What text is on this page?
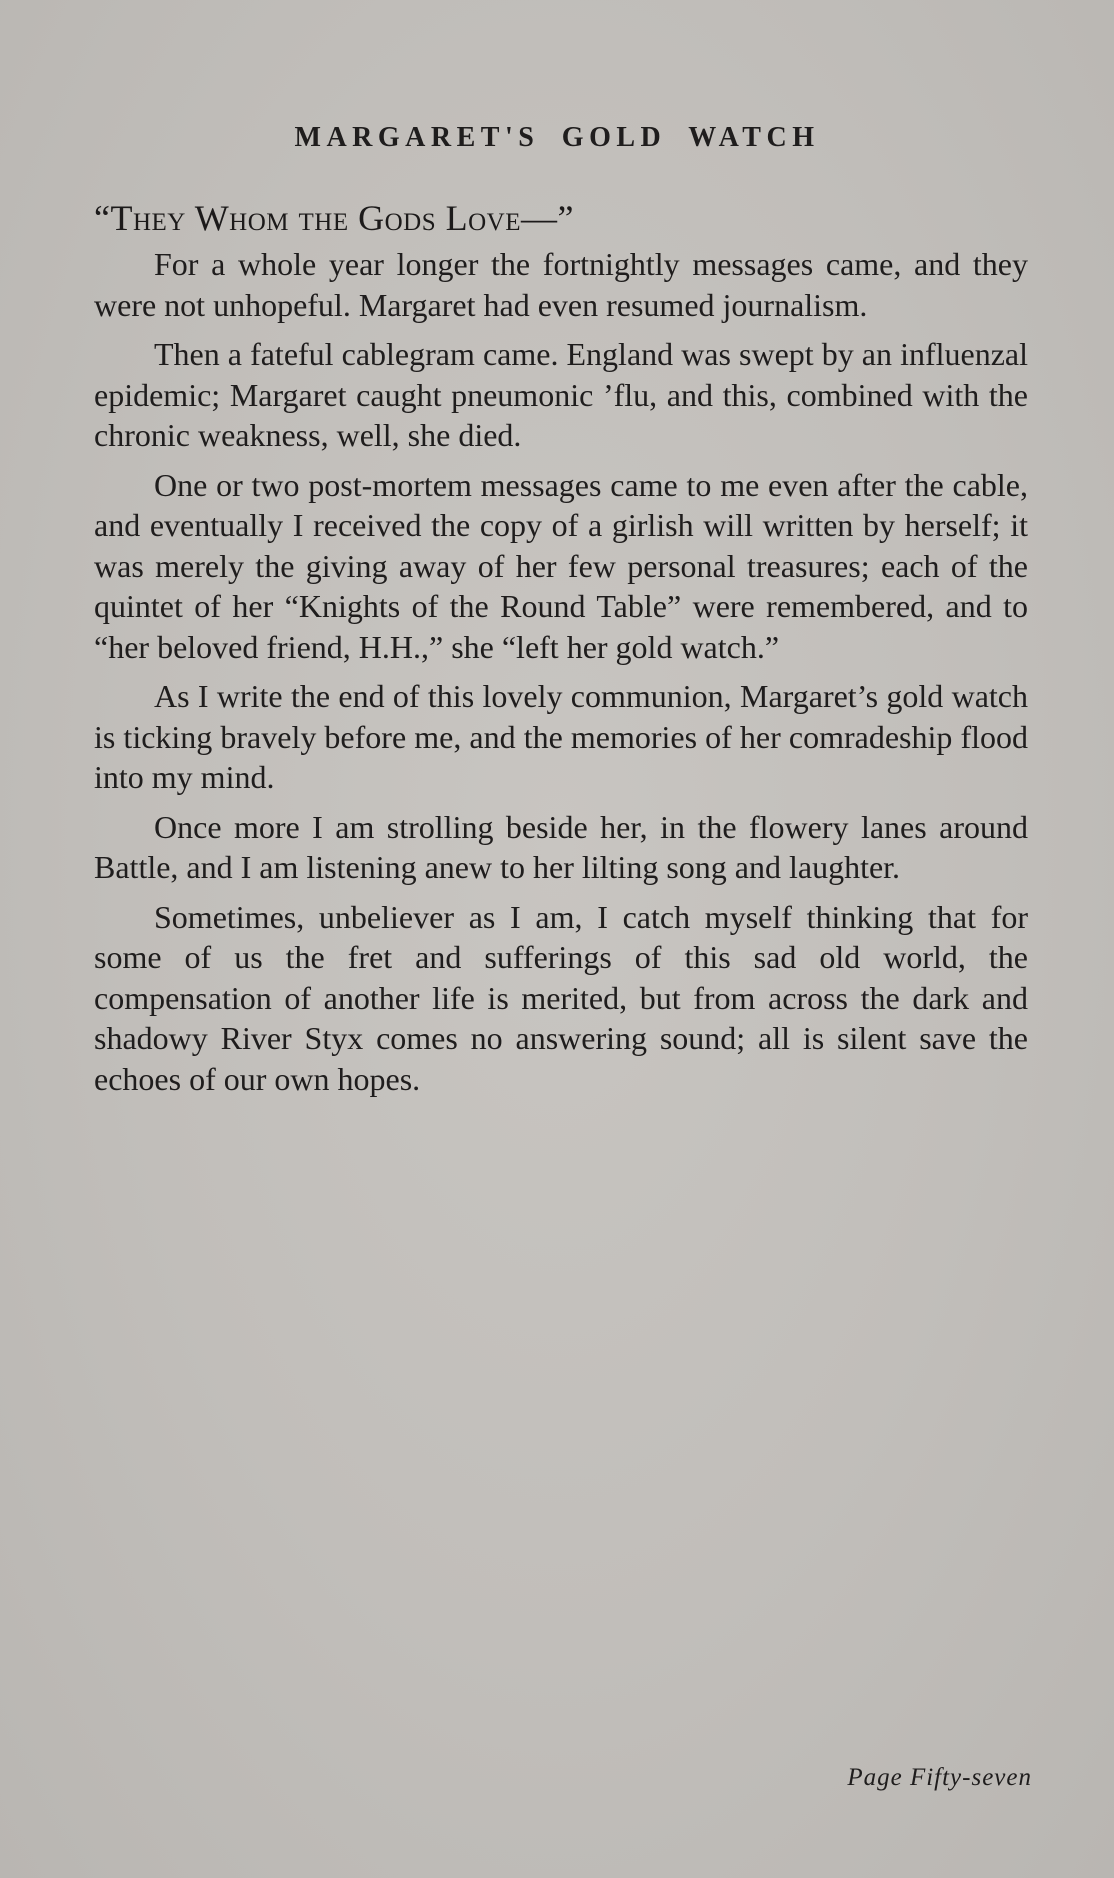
MARGARET'S GOLD WATCH
“They Whom the Gods Love—”

For a whole year longer the fortnightly messages came, and they were not unhopeful. Margaret had even resumed journalism.

Then a fateful cablegram came. England was swept by an influenzal epidemic; Margaret caught pneumonic ’flu, and this, combined with the chronic weakness, well, she died.

One or two post-mortem messages came to me even after the cable, and eventually I received the copy of a girlish will written by herself; it was merely the giving away of her few personal treasures; each of the quintet of her “Knights of the Round Table” were remembered, and to “her beloved friend, H.H.,” she “left her gold watch.”

As I write the end of this lovely communion, Margaret’s gold watch is ticking bravely before me, and the memories of her comradeship flood into my mind.

Once more I am strolling beside her, in the flowery lanes around Battle, and I am listening anew to her lilting song and laughter.

Sometimes, unbeliever as I am, I catch myself thinking that for some of us the fret and sufferings of this sad old world, the compensation of another life is merited, but from across the dark and shadowy River Styx comes no answering sound; all is silent save the echoes of our own hopes.

Page Fifty-seven
